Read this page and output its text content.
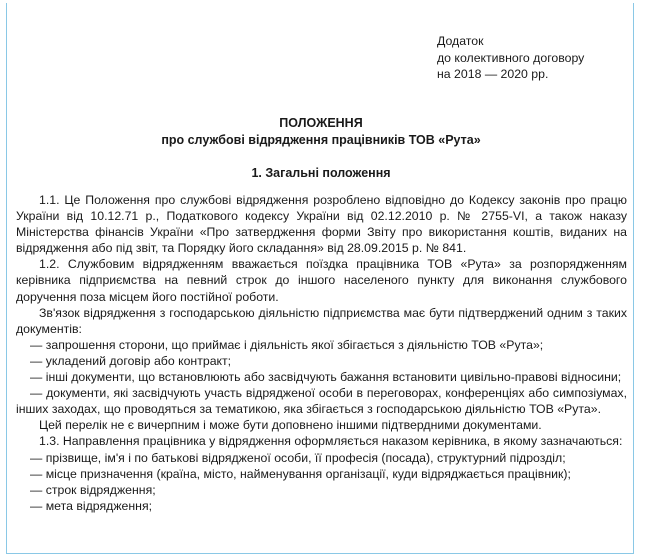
Додаток
до колективного договору
на 2018 — 2020 рр.
ПОЛОЖЕННЯ
про службові відрядження працівників ТОВ «Рута»
1. Загальні положення

1.1. Це Положення про службові відрядження розроблено відповідно до Кодексу законів про працю України від 10.12.71 р., Податкового кодексу України від 02.12.2010 р. № 2755-VI, а також наказу Міністерства фінансів України «Про затвердження форми Звіту про використання коштів, виданих на відрядження або під звіт, та Порядку його складання» від 28.09.2015 р. № 841.

1.2. Службовим відрядженням вважається поїздка працівника ТОВ «Рута» за розпорядженням керівника підприємства на певний строк до іншого населеного пункту для виконання службового доручення поза місцем його постійної роботи.

Зв'язок відрядження з господарською діяльністю підприємства має бути підтверджений одним з таких документів:

— запрошення сторони, що приймає і діяльність якої збігається з діяльністю ТОВ «Рута»;

— укладений договір або контракт;

— інші документи, що встановлюють або засвідчують бажання встановити цивільно-правові відносини;

— документи, які засвідчують участь відрядженої особи в переговорах, конференціях або симпозіумах, інших заходах, що проводяться за тематикою, яка збігається з господарською діяльністю ТОВ «Рута».

Цей перелік не є вичерпним і може бути доповнено іншими підтвердними документами.

1.3. Направлення працівника у відрядження оформляється наказом керівника, в якому зазначаються:

— прізвище, ім'я і по батькові відрядженої особи, її професія (посада), структурний підрозділ;

— місце призначення (країна, місто, найменування організації, куди відряджається працівник);

— строк відрядження;

— мета відрядження;
